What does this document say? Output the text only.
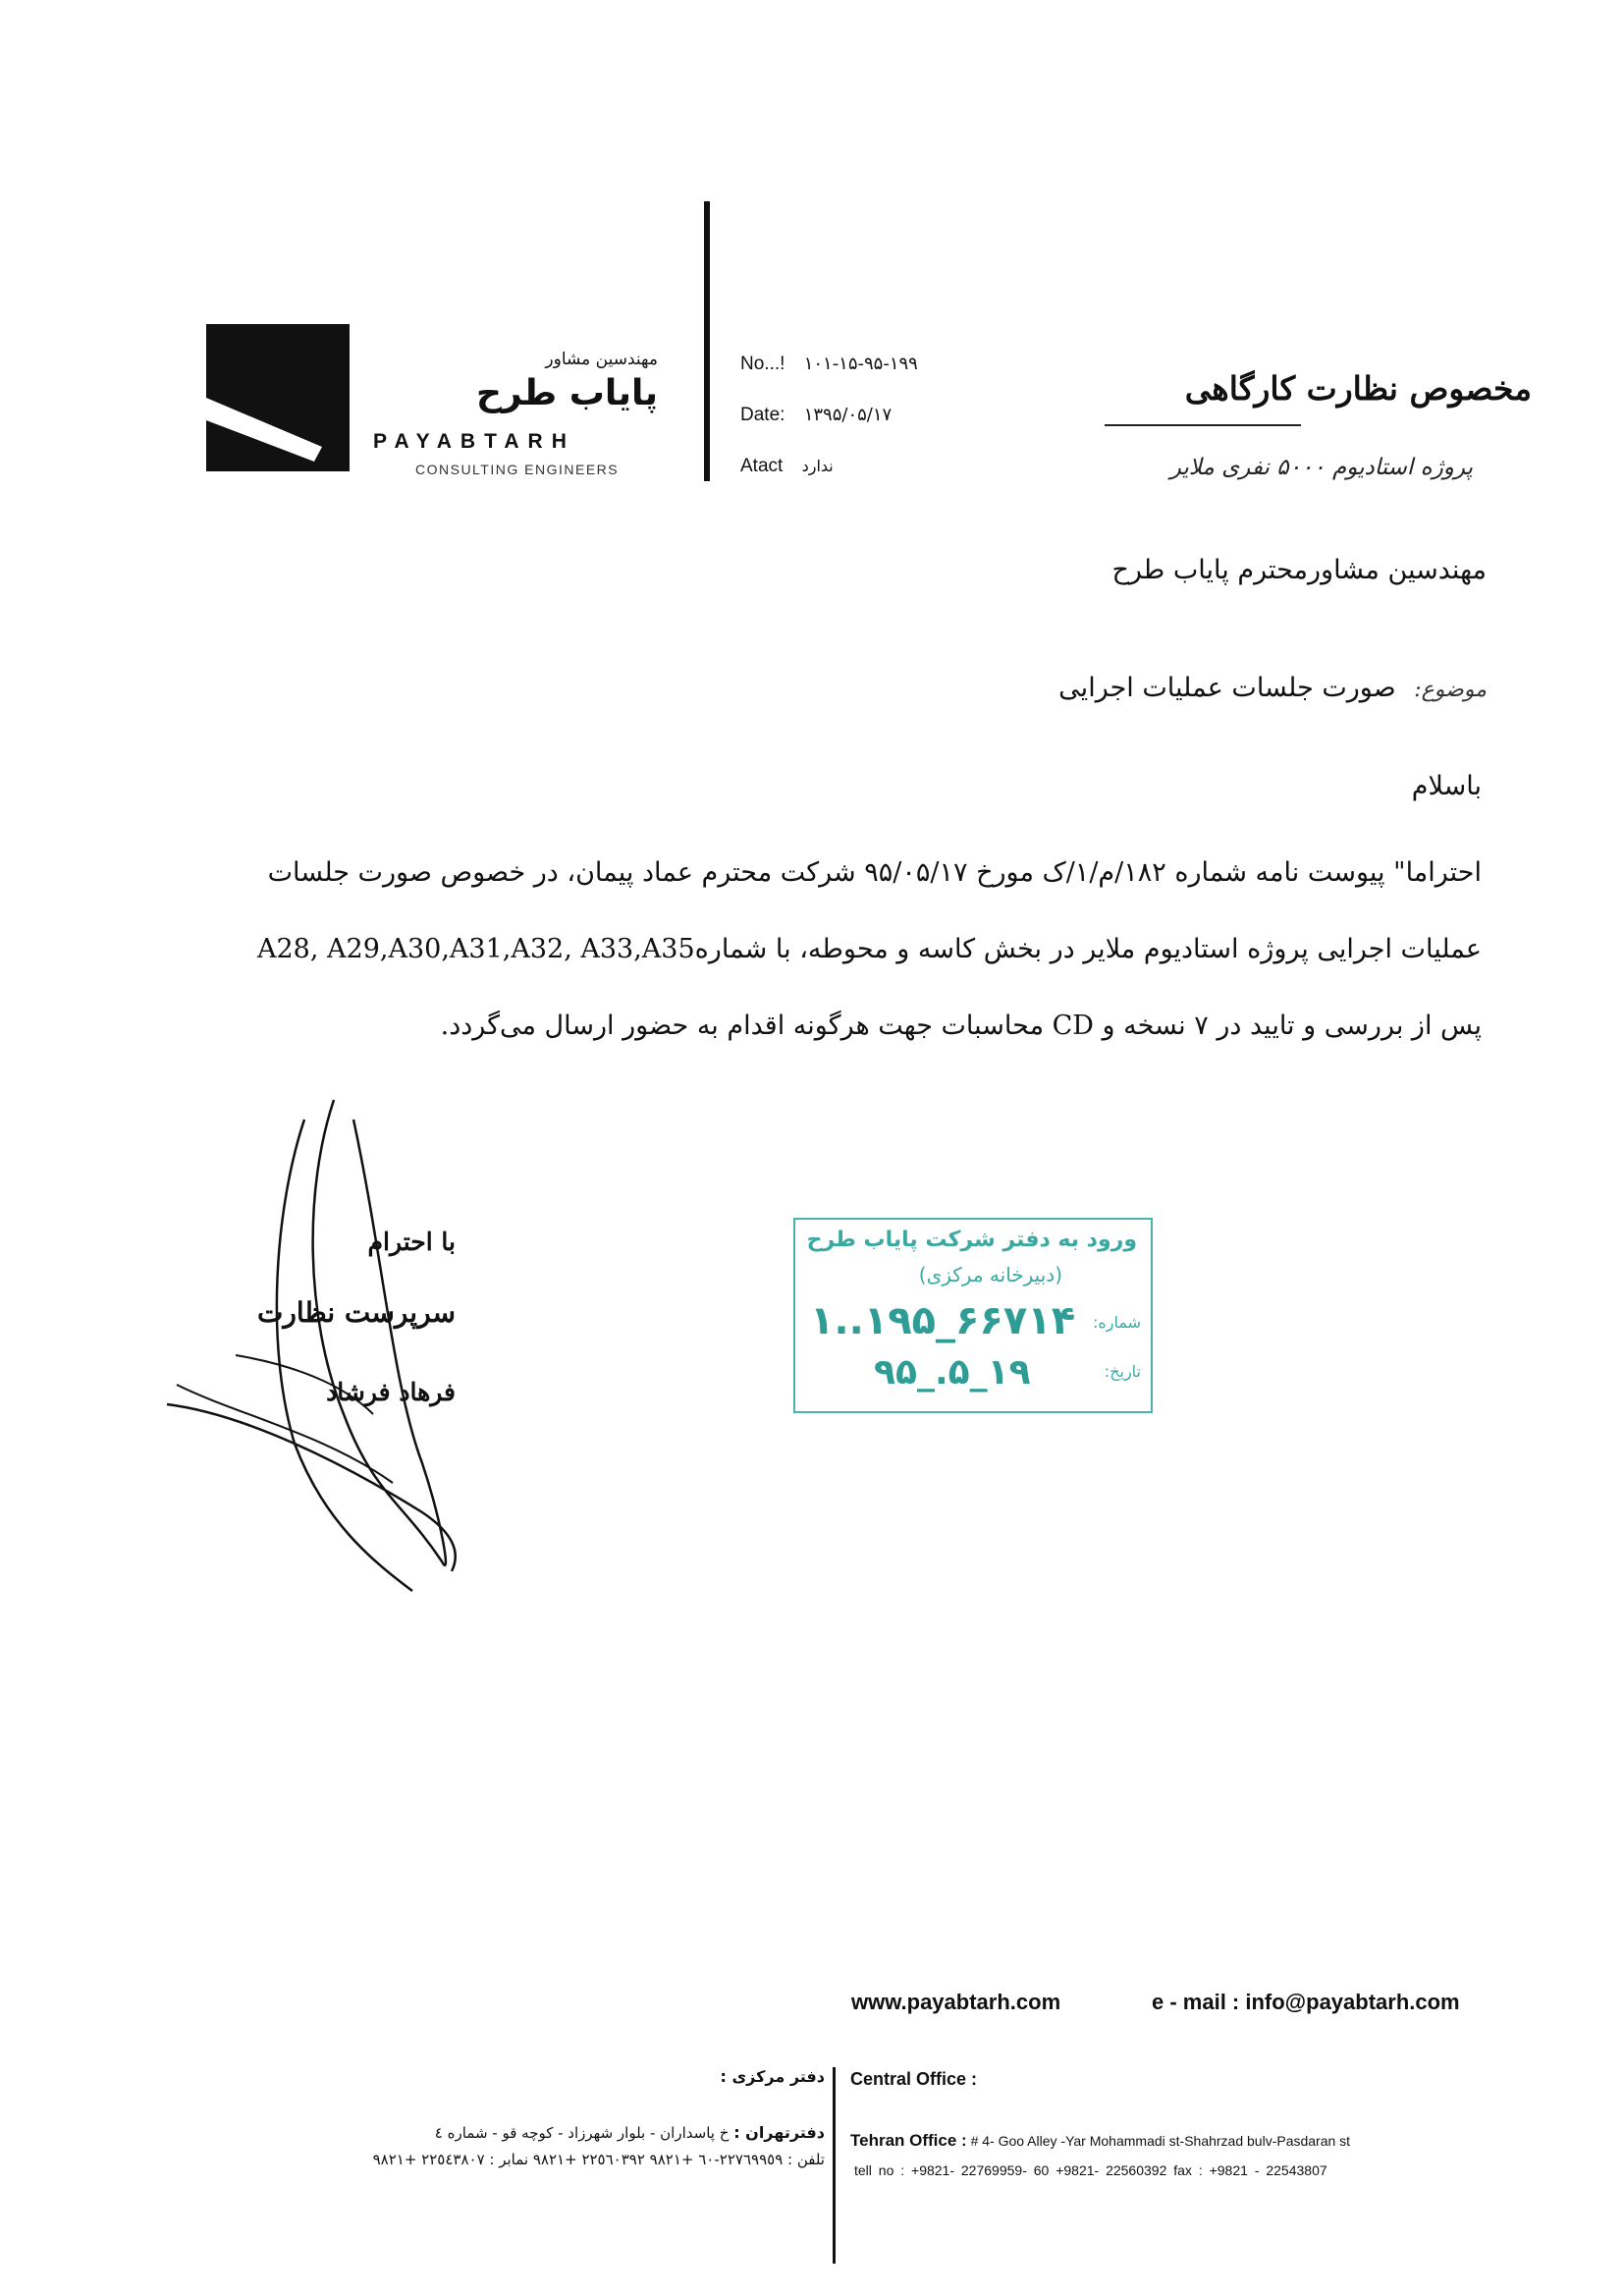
مهندسین مشاور
پایاب طرح
PAYABTARH
CONSULTING ENGINEERS
No...! ۱۰۱-۱۵-۹۵-۱۹۹
Date: ۱۳۹۵/۰۵/۱۷
Atact ندارد
مخصوص نظارت کارگاهی
پروژه استادیوم ۵۰۰۰ نفری ملایر
مهندسین مشاورمحترم پایاب طرح
موضوع: صورت جلسات عملیات اجرایی
باسلام
احتراما" پیوست نامه شماره ۱۸۲/م/۱/ک مورخ ۹۵/۰۵/۱۷ شرکت محترم عماد پیمان، در خصوص صورت جلسات
عملیات اجرایی پروژه استادیوم ملایر در بخش کاسه و محوطه، با شمارهA28, A29,A30,A31,A32, A33,A35
پس از بررسی و تایید در ۷ نسخه و CD محاسبات جهت هرگونه اقدام به حضور ارسال می‌گردد.
با احترام
سرپرست نظارت
فرهاد فرشاد
ورود به دفتر شرکت پایاب طرح
(دبیرخانه مرکزی)
شماره:
۱..۱۹۵_۶۶۷۱۴
تاریخ:
۹۵_.۵_۱۹
www.payabtarh.com	e - mail : info@payabtarh.com
Central Office :
دفتر مرکزی :
Tehran Office : # 4- Goo Alley -Yar Mohammadi st-Shahrzad bulv-Pasdaran st
tell no : +9821- 22769959- 60 +9821- 22560392 fax : +9821 - 22543807
دفترتهران : خ پاسداران - بلوار شهرزاد - کوچه قو - شماره ٤
تلفن : ٢٢٧٦٩٩٥٩-٦٠ +٩٨٢١ ٢٢٥٦٠٣٩٢ +٩٨٢١ نمابر : ٢٢٥٤٣٨٠٧ +٩٨٢١
